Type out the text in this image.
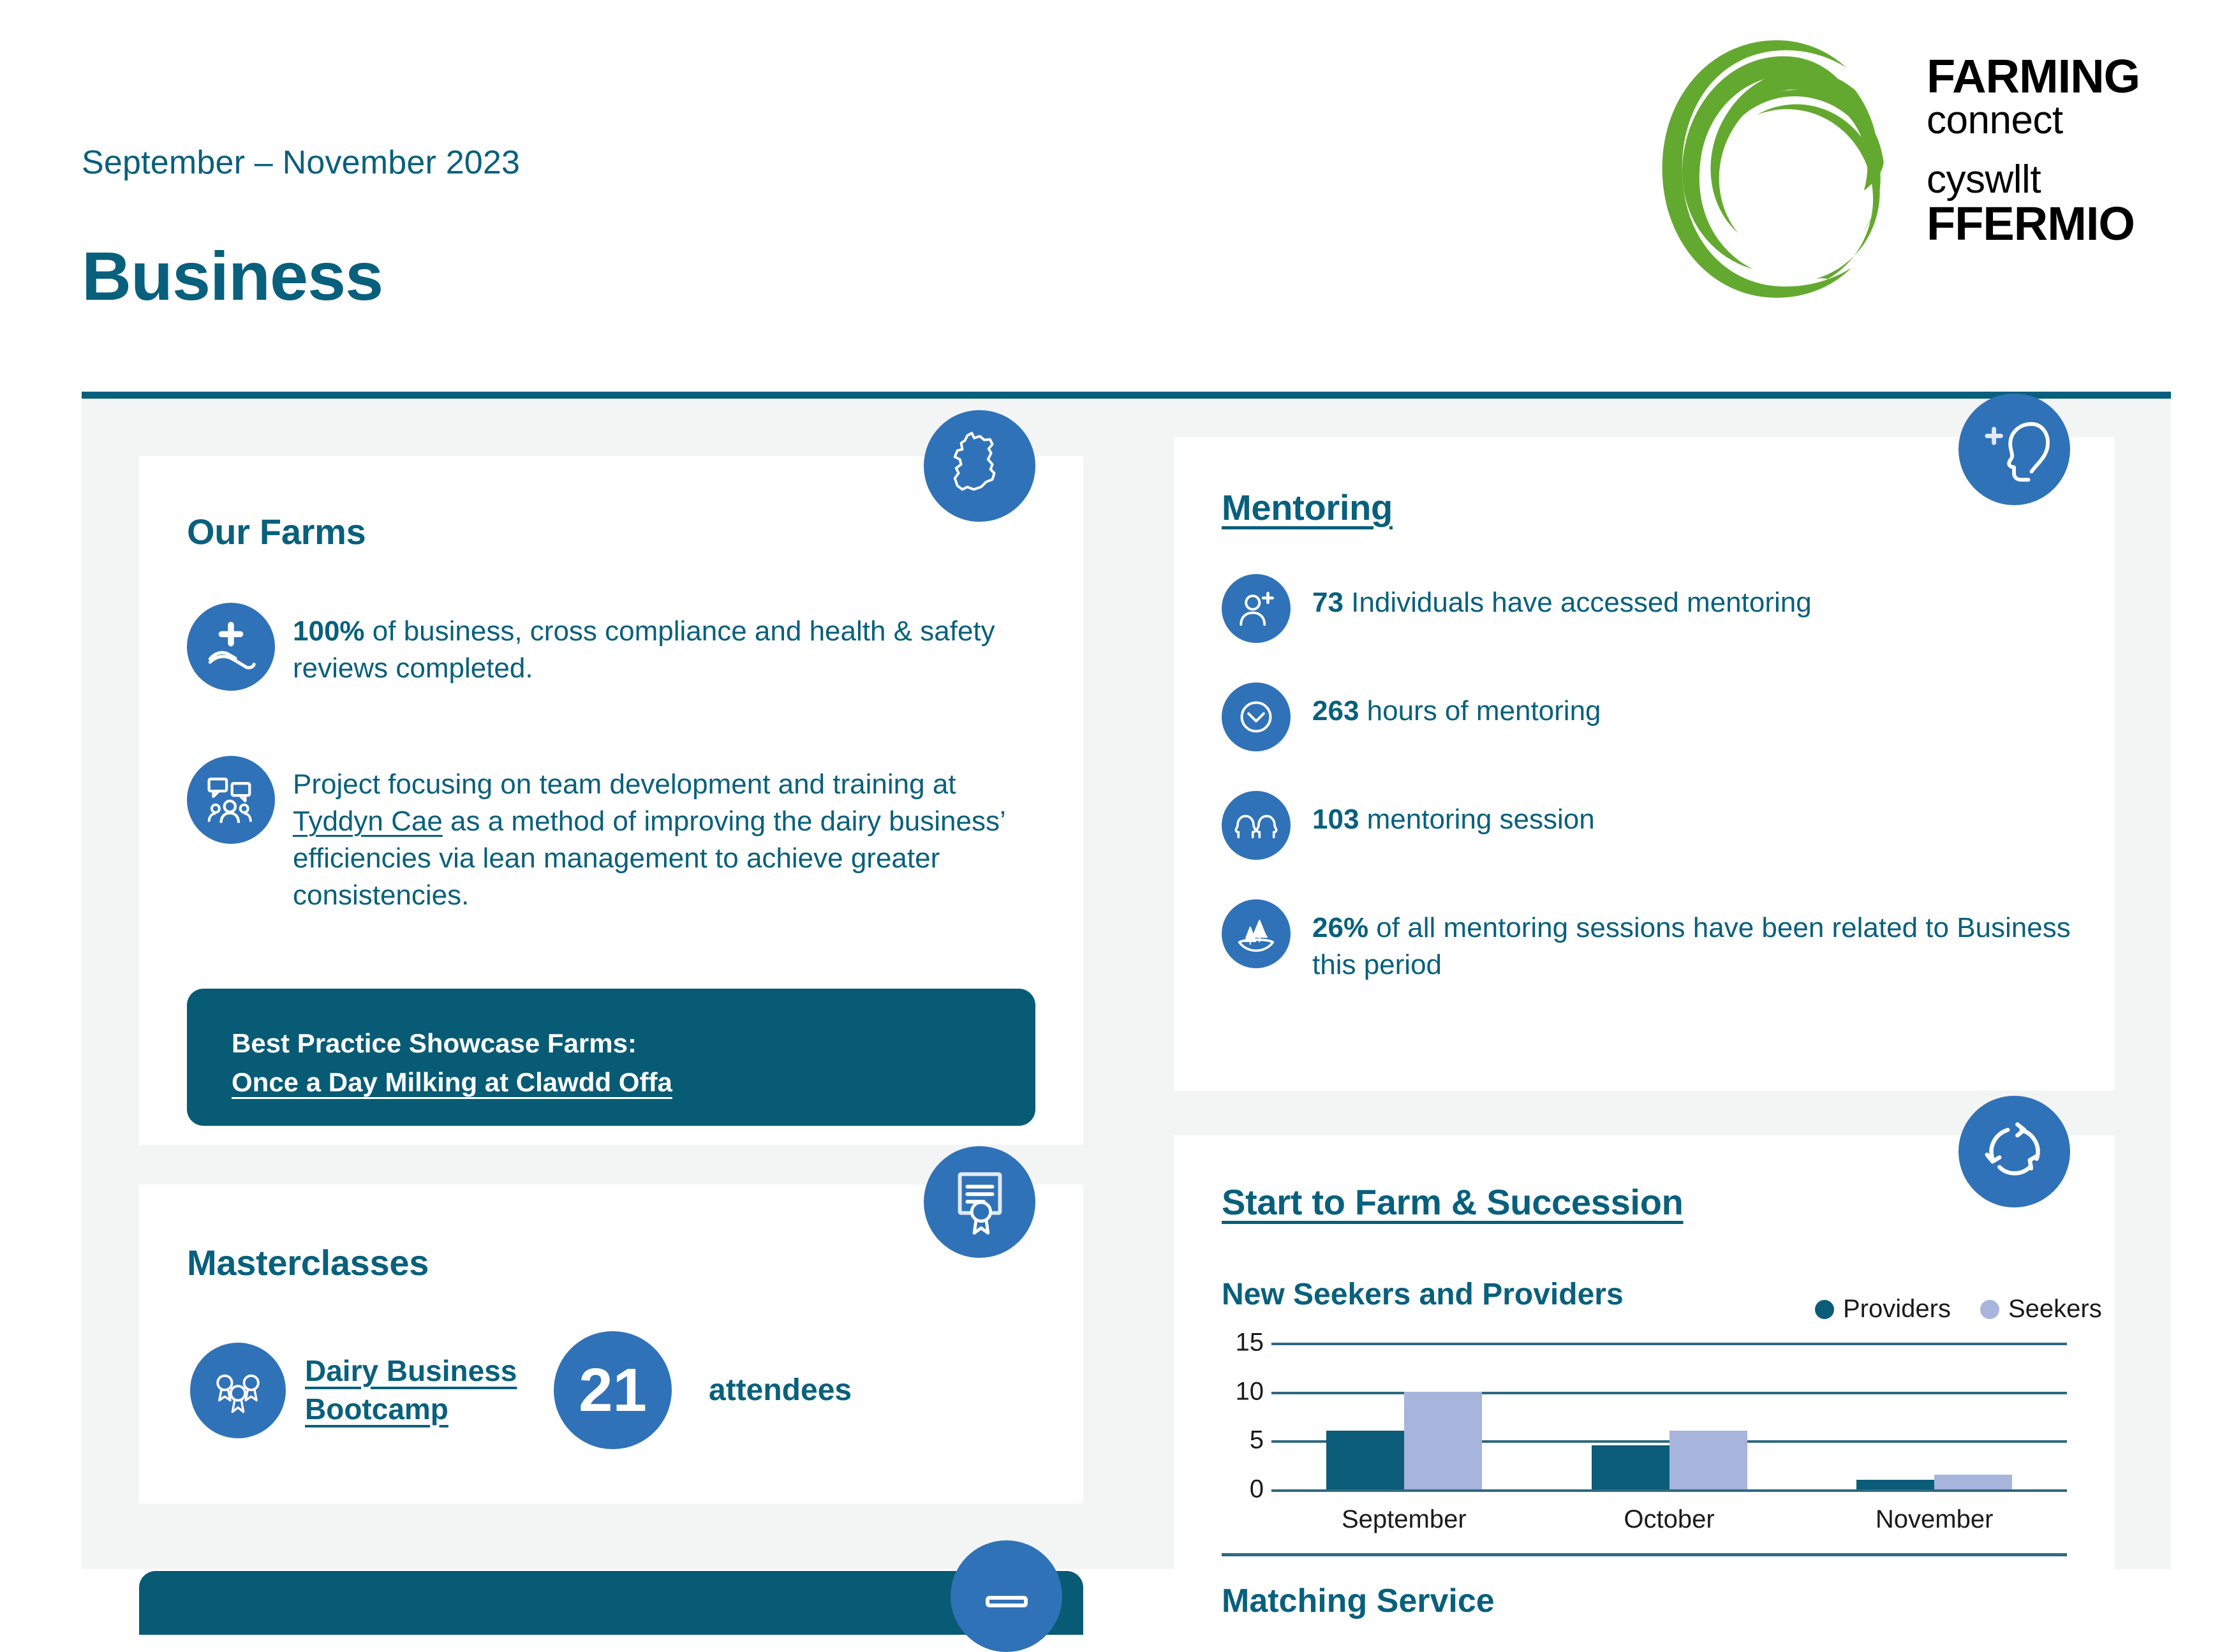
September – November 2023
Business
FARMING
connect
cyswllt
FFERMIO
Our Farms
100% of business, cross compliance and health & safety reviews completed.
Project focusing on team development and training at Tyddyn Cae as a method of improving the dairy business’ efficiencies via lean management to achieve greater consistencies.
Best Practice Showcase Farms:
Once a Day Milking at Clawdd Offa
Masterclasses
Dairy Business Bootcamp	21	attendees
Mentoring
73 Individuals have accessed mentoring
263 hours of mentoring
103 mentoring session
26% of all mentoring sessions have been related to Business this period
Start to Farm & Succession
New Seekers and Providers	Providers Seekers
0
5
10
15
September	October	November
Matching Service
